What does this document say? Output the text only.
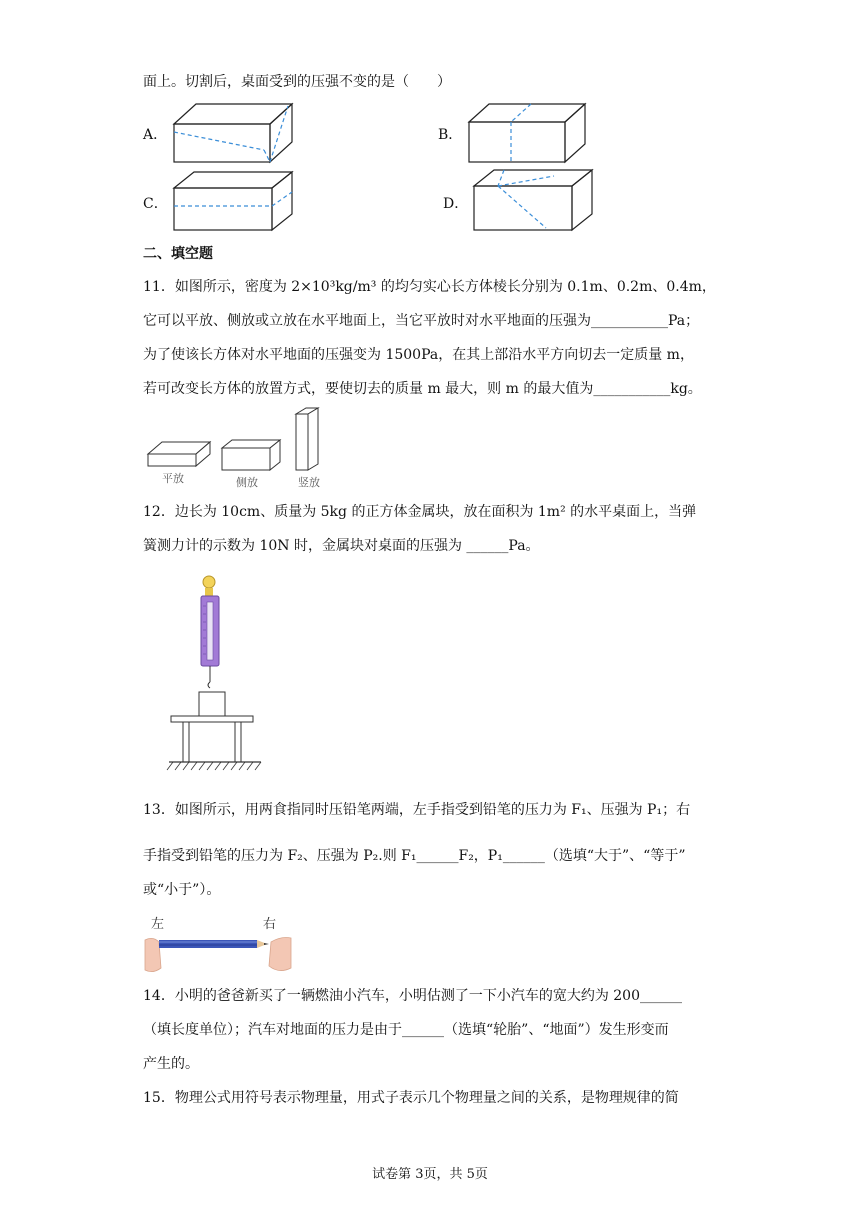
面上。切割后，桌面受到的压强不变的是（　　）
A．	B．
C．	D．
二、填空题
11．如图所示，密度为 2×10³kg/m³ 的均匀实心长方体棱长分别为 0.1m、0.2m、0.4m，
它可以平放、侧放或立放在水平地面上，当它平放时对水平地面的压强为___________Pa；
为了使该长方体对水平地面的压强变为 1500Pa，在其上部沿水平方向切去一定质量 m，
若可改变长方体的放置方式，要使切去的质量 m 最大，则 m 的最大值为___________kg。
平放	侧放	竖放
12．边长为 10cm、质量为 5kg 的正方体金属块，放在面积为 1m² 的水平桌面上，当弹
簧测力计的示数为 10N 时，金属块对桌面的压强为 ______Pa。
13．如图所示，用两食指同时压铅笔两端，左手指受到铅笔的压力为 F₁、压强为 P₁；右
手指受到铅笔的压力为 F₂、压强为 P₂.则 F₁______F₂，P₁______（选填“大于”、“等于”
或“小于”）。
左	右
14．小明的爸爸新买了一辆燃油小汽车，小明估测了一下小汽车的宽大约为 200______
（填长度单位）；汽车对地面的压力是由于______（选填“轮胎”、“地面”）发生形变而
产生的。
15．物理公式用符号表示物理量，用式子表示几个物理量之间的关系，是物理规律的简
试卷第 3页，共 5页
